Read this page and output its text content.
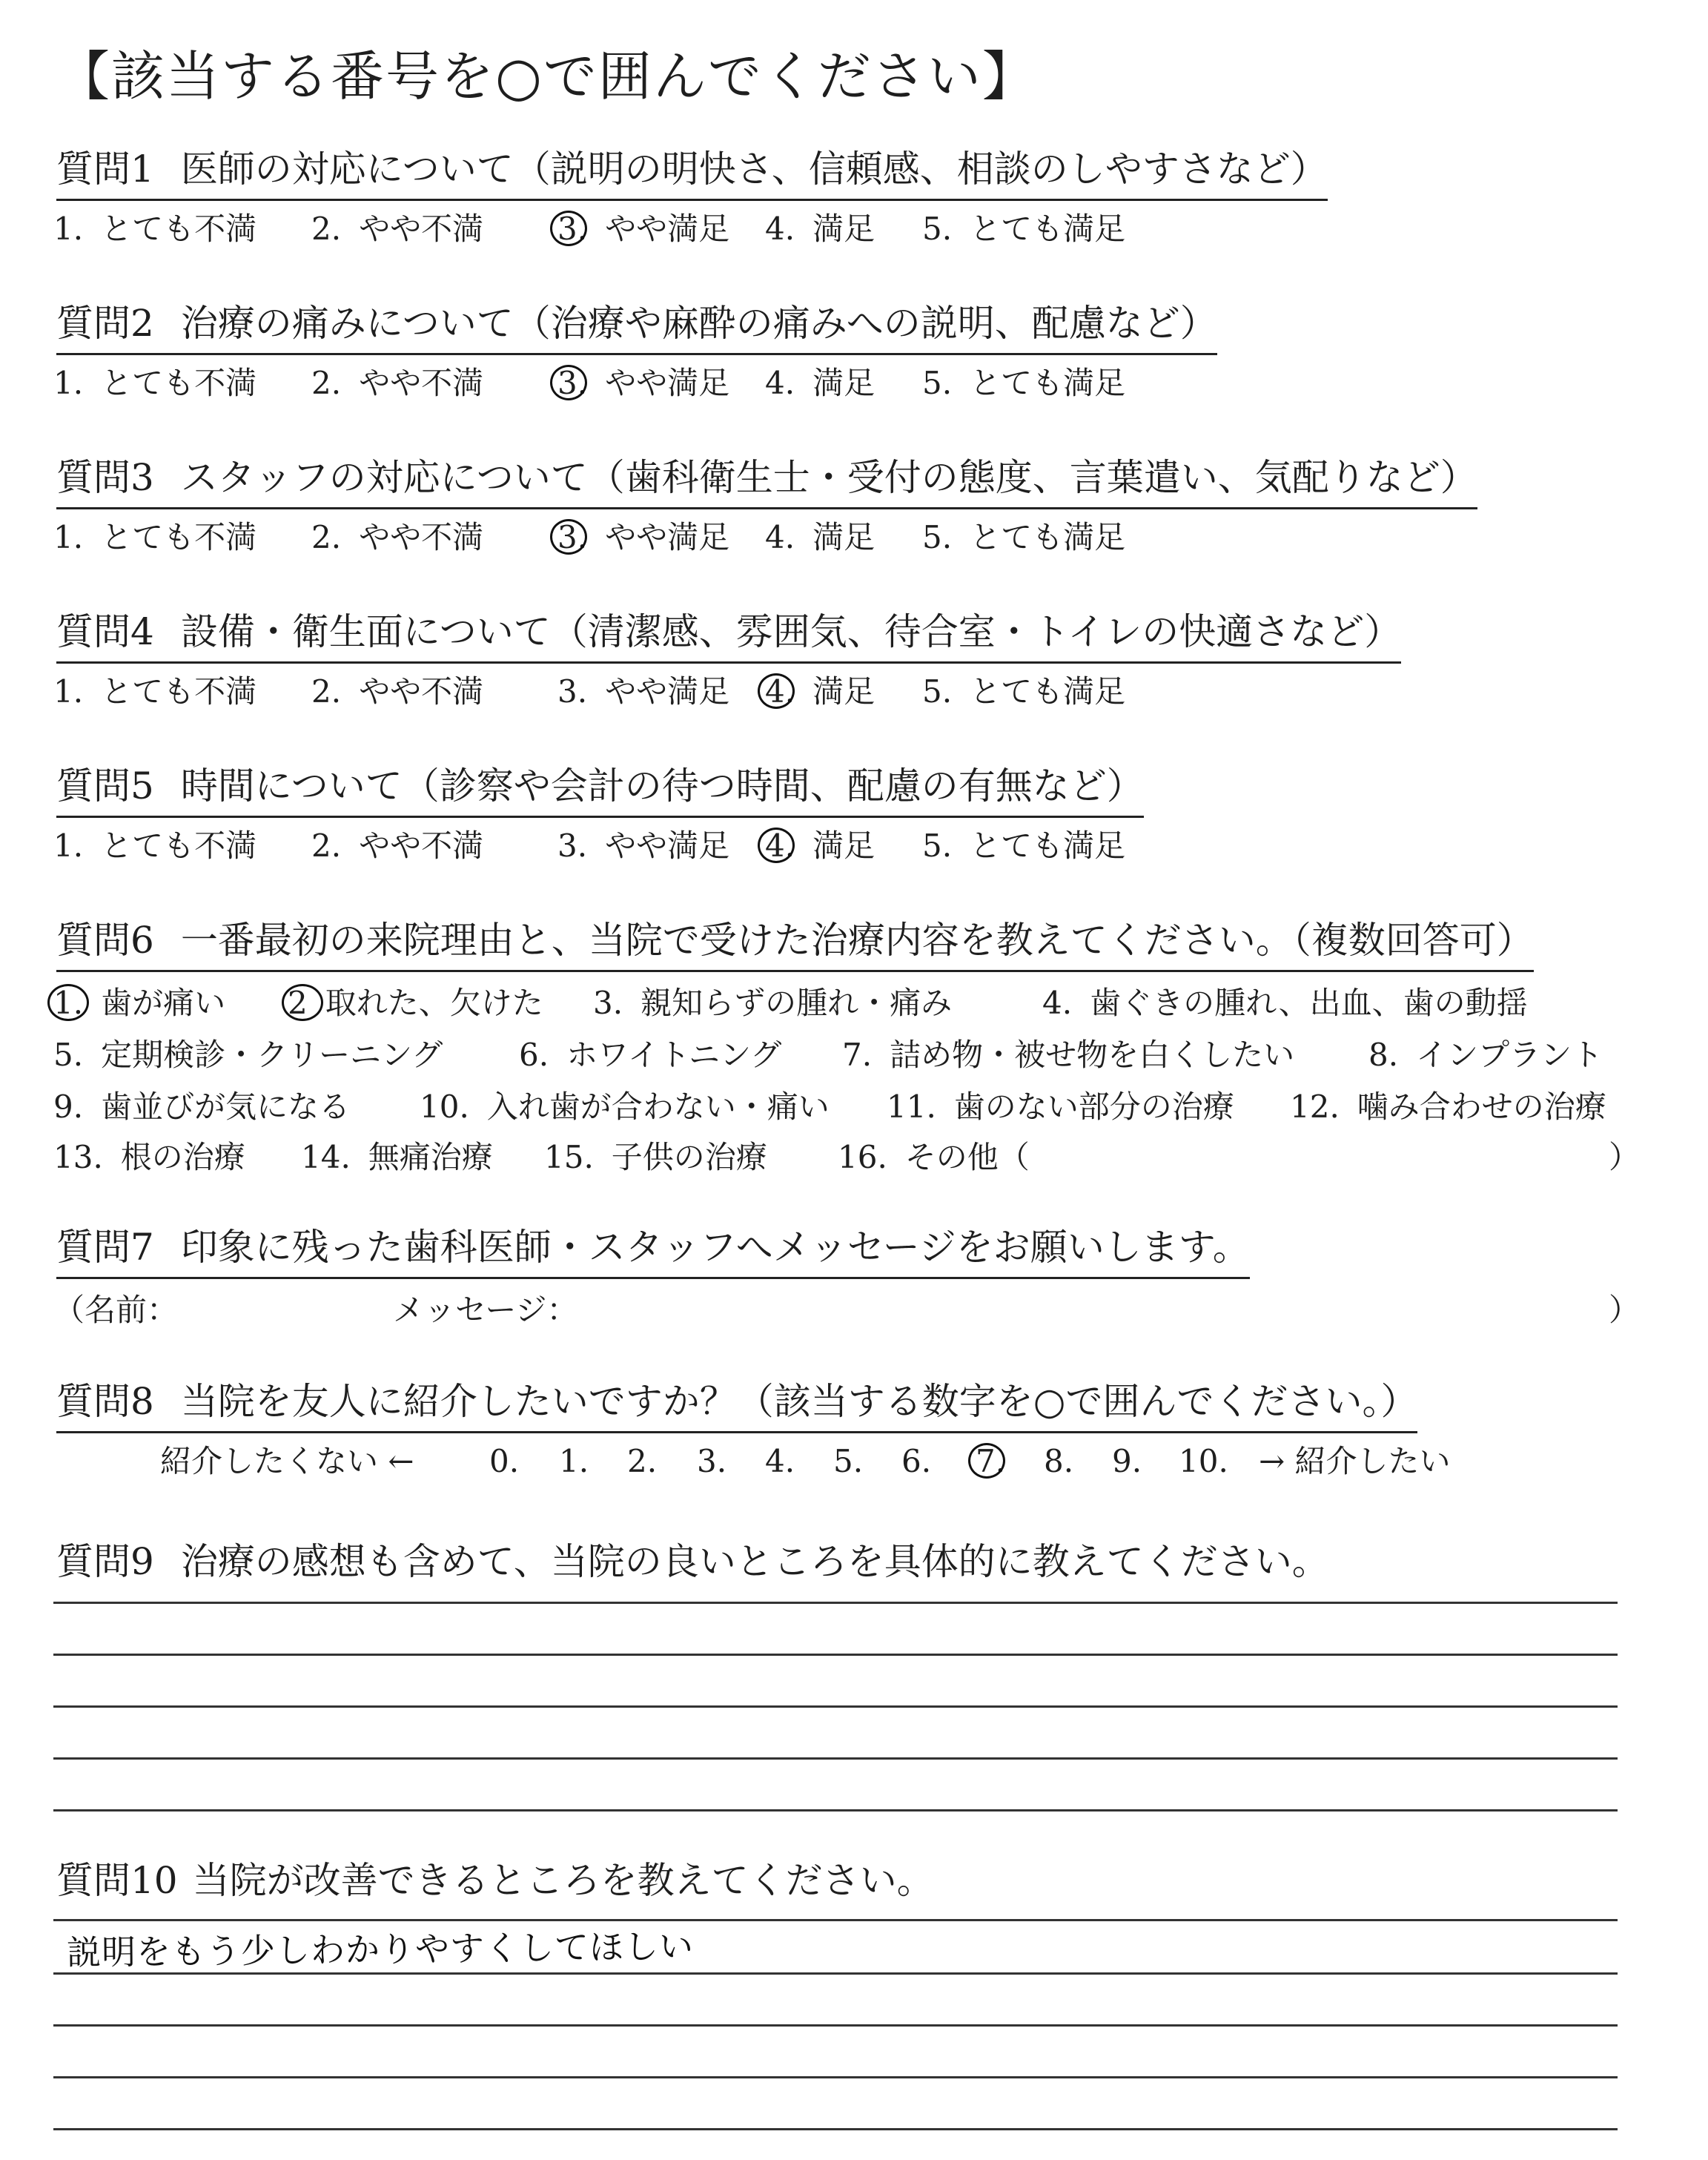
【該当する番号を○で囲んでください】
質問1 医師の対応について（説明の明快さ、信頼感、相談のしやすさなど）
1. とても不満 2. やや不満 3. やや満足 4. 満足 5. とても満足
質問2 治療の痛みについて（治療や麻酔の痛みへの説明、配慮など）
1. とても不満 2. やや不満 3. やや満足 4. 満足 5. とても満足
質問3 スタッフの対応について（歯科衛生士・受付の態度、言葉遣い、気配りなど）
1. とても不満 2. やや不満 3. やや満足 4. 満足 5. とても満足
質問4 設備・衛生面について（清潔感、雰囲気、待合室・トイレの快適さなど）
1. とても不満 2. やや不満 3. やや満足 4. 満足 5. とても満足
質問5 時間について（診察や会計の待つ時間、配慮の有無など）
1. とても不満 2. やや不満 3. やや満足 4. 満足 5. とても満足
質問6 一番最初の来院理由と、当院で受けた治療内容を教えてください。（複数回答可）
1. 歯が痛い 2 取れた、欠けた 3. 親知らずの腫れ・痛み	4. 歯ぐきの腫れ、出血、歯の動揺
5. 定期検診・クリーニング 6. ホワイトニング 7. 詰め物・被せ物を白くしたい 8. インプラント
9. 歯並びが気になる 10. 入れ歯が合わない・痛い 11. 歯のない部分の治療 12. 噛み合わせの治療
13. 根の治療 14. 無痛治療 15. 子供の治療 16. その他（	）
質問7 印象に残った歯科医師・スタッフへメッセージをお願いします。
（名前：	メッセージ：	）
質問8 当院を友人に紹介したいですか？（該当する数字を○で囲んでください。）
紹介したくない ← 0. 1. 2. 3. 4. 5. 6. 7. 8. 9. 10. → 紹介したい
質問9 治療の感想も含めて、当院の良いところを具体的に教えてください。
質問10 当院が改善できるところを教えてください。
説明をもう少しわかりやすくしてほしい
